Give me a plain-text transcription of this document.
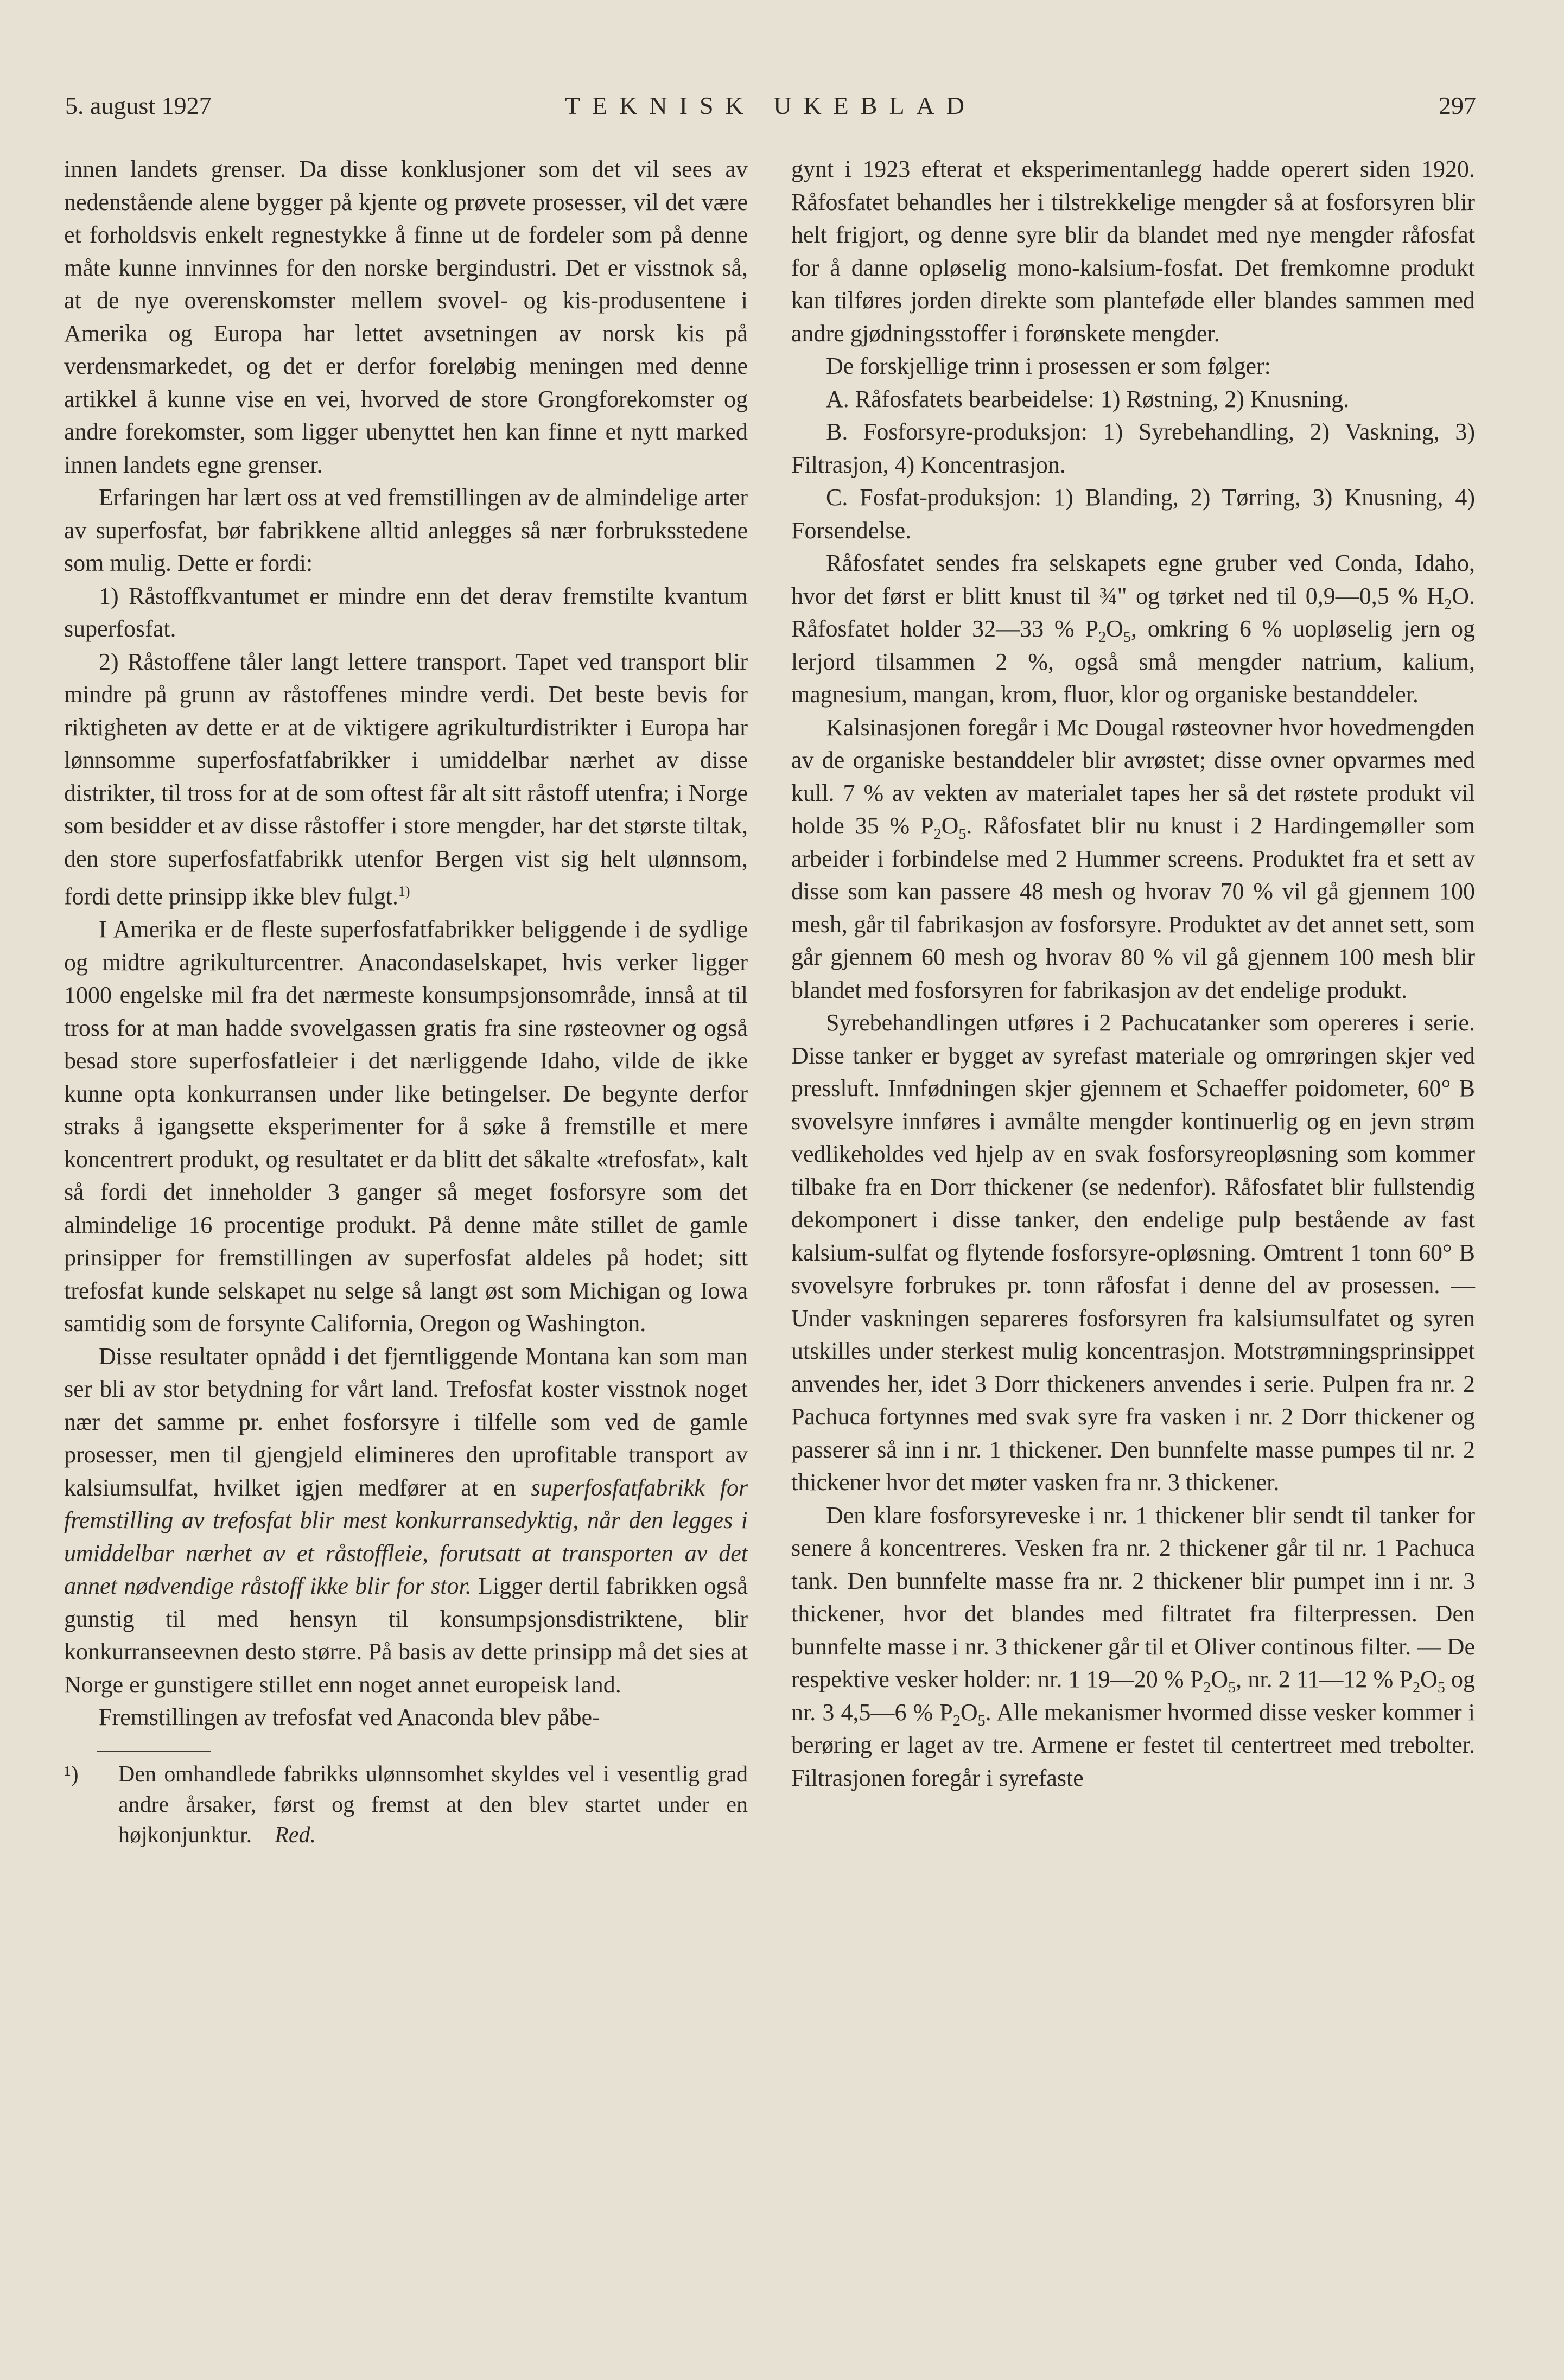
5. august 1927	TEKNISK UKEBLAD	297

innen landets grenser. Da disse konklusjoner som det vil sees av nedenstående alene bygger på kjente og prøvete prosesser, vil det være et forholdsvis enkelt regnestykke å finne ut de fordeler som på denne måte kunne innvinnes for den norske bergindustri. Det er visstnok så, at de nye overenskomster mellem svovel- og kis-produsentene i Amerika og Europa har lettet avsetningen av norsk kis på verdensmarkedet, og det er derfor foreløbig meningen med denne artikkel å kunne vise en vei, hvorved de store Grongforekomster og andre forekomster, som ligger ubenyttet hen kan finne et nytt marked innen landets egne grenser.

Erfaringen har lært oss at ved fremstillingen av de almindelige arter av superfosfat, bør fabrikkene alltid anlegges så nær forbruksstedene som mulig. Dette er fordi:

1) Råstoffkvantumet er mindre enn det derav fremstilte kvantum superfosfat.

2) Råstoffene tåler langt lettere transport. Tapet ved transport blir mindre på grunn av råstoffenes mindre verdi. Det beste bevis for riktigheten av dette er at de viktigere agrikulturdistrikter i Europa har lønnsomme superfosfatfabrikker i umiddelbar nærhet av disse distrikter, til tross for at de som oftest får alt sitt råstoff utenfra; i Norge som besidder et av disse råstoffer i store mengder, har det største tiltak, den store superfosfatfabrikk utenfor Bergen vist sig helt ulønnsom, fordi dette prinsipp ikke blev fulgt.$^{1)}$

I Amerika er de fleste superfosfatfabrikker beliggende i de sydlige og midtre agrikulturcentrer. Anacondaselskapet, hvis verker ligger 1000 engelske mil fra det nærmeste konsumpsjonsområde, innså at til tross for at man hadde svovelgassen gratis fra sine røsteovner og også besad store superfosfatleier i det nærliggende Idaho, vilde de ikke kunne opta konkurransen under like betingelser. De begynte derfor straks å igangsette eksperimenter for å søke å fremstille et mere koncentrert produkt, og resultatet er da blitt det såkalte «trefosfat», kalt så fordi det inneholder 3 ganger så meget fosforsyre som det almindelige 16 procentige produkt. På denne måte stillet de gamle prinsipper for fremstillingen av superfosfat aldeles på hodet; sitt trefosfat kunde selskapet nu selge så langt øst som Michigan og Iowa samtidig som de forsynte California, Oregon og Washington.

Disse resultater opnådd i det fjerntliggende Montana kan som man ser bli av stor betydning for vårt land. Trefosfat koster visstnok noget nær det samme pr. enhet fosforsyre i tilfelle som ved de gamle prosesser, men til gjengjeld elimineres den uprofitable transport av kalsiumsulfat, hvilket igjen medfører at en superfosfatfabrikk for fremstilling av trefosfat blir mest konkurransedyktig, når den legges i umiddelbar nærhet av et råstoffleie, forutsatt at transporten av det annet nødvendige råstoff ikke blir for stor. Ligger dertil fabrikken også gunstig til med hensyn til konsumpsjonsdistriktene, blir konkurranseevnen desto større. På basis av dette prinsipp må det sies at Norge er gunstigere stillet enn noget annet europeisk land.

Fremstillingen av trefosfat ved Anaconda blev påbe-

¹) Den omhandlede fabrikks ulønnsomhet skyldes vel i vesentlig grad andre årsaker, først og fremst at den blev startet under en højkonjunktur. Red.

gynt i 1923 efterat et eksperimentanlegg hadde operert siden 1920. Råfosfatet behandles her i tilstrekkelige mengder så at fosforsyren blir helt frigjort, og denne syre blir da blandet med nye mengder råfosfat for å danne opløselig mono-kalsium-fosfat. Det fremkomne produkt kan tilføres jorden direkte som planteføde eller blandes sammen med andre gjødningsstoffer i forønskete mengder.

De forskjellige trinn i prosessen er som følger:

A. Råfosfatets bearbeidelse: 1) Røstning, 2) Knusning.

B. Fosforsyre-produksjon: 1) Syrebehandling, 2) Vaskning, 3) Filtrasjon, 4) Koncentrasjon.

C. Fosfat-produksjon: 1) Blanding, 2) Tørring, 3) Knusning, 4) Forsendelse.

Råfosfatet sendes fra selskapets egne gruber ved Conda, Idaho, hvor det først er blitt knust til ¾" og tørket ned til 0,9—0,5 % $H_2O$. Råfosfatet holder 32—33 % $P_2O_5$, omkring 6 % uopløselig jern og lerjord tilsammen 2 %, også små mengder natrium, kalium, magnesium, mangan, krom, fluor, klor og organiske bestanddeler.

Kalsinasjonen foregår i Mc Dougal røsteovner hvor hovedmengden av de organiske bestanddeler blir avrøstet; disse ovner opvarmes med kull. 7 % av vekten av materialet tapes her så det røstete produkt vil holde 35 % $P_2O_5$. Råfosfatet blir nu knust i 2 Hardingemøller som arbeider i forbindelse med 2 Hummer screens. Produktet fra et sett av disse som kan passere 48 mesh og hvorav 70 % vil gå gjennem 100 mesh, går til fabrikasjon av fosforsyre. Produktet av det annet sett, som går gjennem 60 mesh og hvorav 80 % vil gå gjennem 100 mesh blir blandet med fosforsyren for fabrikasjon av det endelige produkt.

Syrebehandlingen utføres i 2 Pachucatanker som opereres i serie. Disse tanker er bygget av syrefast materiale og omrøringen skjer ved pressluft. Innfødningen skjer gjennem et Schaeffer poidometer, 60° B svovelsyre innføres i avmålte mengder kontinuerlig og en jevn strøm vedlikeholdes ved hjelp av en svak fosforsyreopløsning som kommer tilbake fra en Dorr thickener (se nedenfor). Råfosfatet blir fullstendig dekomponert i disse tanker, den endelige pulp bestående av fast kalsium-sulfat og flytende fosforsyre-opløsning. Omtrent 1 tonn 60° B svovelsyre forbrukes pr. tonn råfosfat i denne del av prosessen. — Under vaskningen separeres fosforsyren fra kalsiumsulfatet og syren utskilles under sterkest mulig koncentrasjon. Motstrømningsprinsippet anvendes her, idet 3 Dorr thickeners anvendes i serie. Pulpen fra nr. 2 Pachuca fortynnes med svak syre fra vasken i nr. 2 Dorr thickener og passerer så inn i nr. 1 thickener. Den bunnfelte masse pumpes til nr. 2 thickener hvor det møter vasken fra nr. 3 thickener.

Den klare fosforsyreveske i nr. 1 thickener blir sendt til tanker for senere å koncentreres. Vesken fra nr. 2 thickener går til nr. 1 Pachuca tank. Den bunnfelte masse fra nr. 2 thickener blir pumpet inn i nr. 3 thickener, hvor det blandes med filtratet fra filterpressen. Den bunnfelte masse i nr. 3 thickener går til et Oliver continous filter. — De respektive vesker holder: nr. 1 19—20 % $P_2O_5$, nr. 2 11—12 % $P_2O_5$ og nr. 3 4,5—6 % $P_2O_5$. Alle mekanismer hvormed disse vesker kommer i berøring er laget av tre. Armene er festet til centertreet med trebolter. Filtrasjonen foregår i syrefaste
